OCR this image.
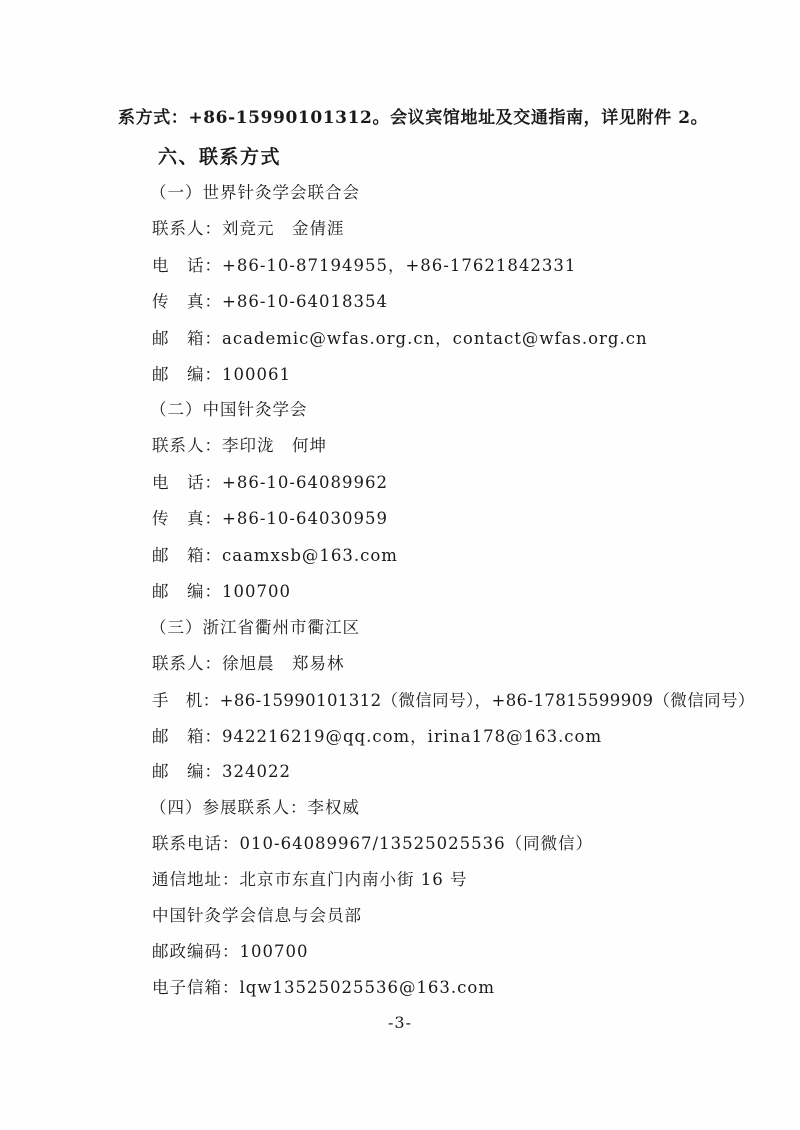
系方式：+86-15990101312。会议宾馆地址及交通指南，详见附件 2。
六、联系方式
（一）世界针灸学会联合会
联系人：刘竞元　金倩涯
电　话：+86-10-87194955，+86-17621842331
传　真：+86-10-64018354
邮　箱：academic@wfas.org.cn，contact@wfas.org.cn
邮　编：100061
（二）中国针灸学会
联系人：李印泷　何坤
电　话：+86-10-64089962
传　真：+86-10-64030959
邮　箱：caamxsb@163.com
邮　编：100700
（三）浙江省衢州市衢江区
联系人：徐旭晨　郑易林
手　机：+86-15990101312（微信同号），+86-17815599909（微信同号）
邮　箱：942216219@qq.com，irina178@163.com
邮　编：324022
（四）参展联系人：李权威
联系电话：010-64089967/13525025536（同微信）
通信地址：北京市东直门内南小街 16 号
中国针灸学会信息与会员部
邮政编码：100700
电子信箱：lqw13525025536@163.com
-3-
